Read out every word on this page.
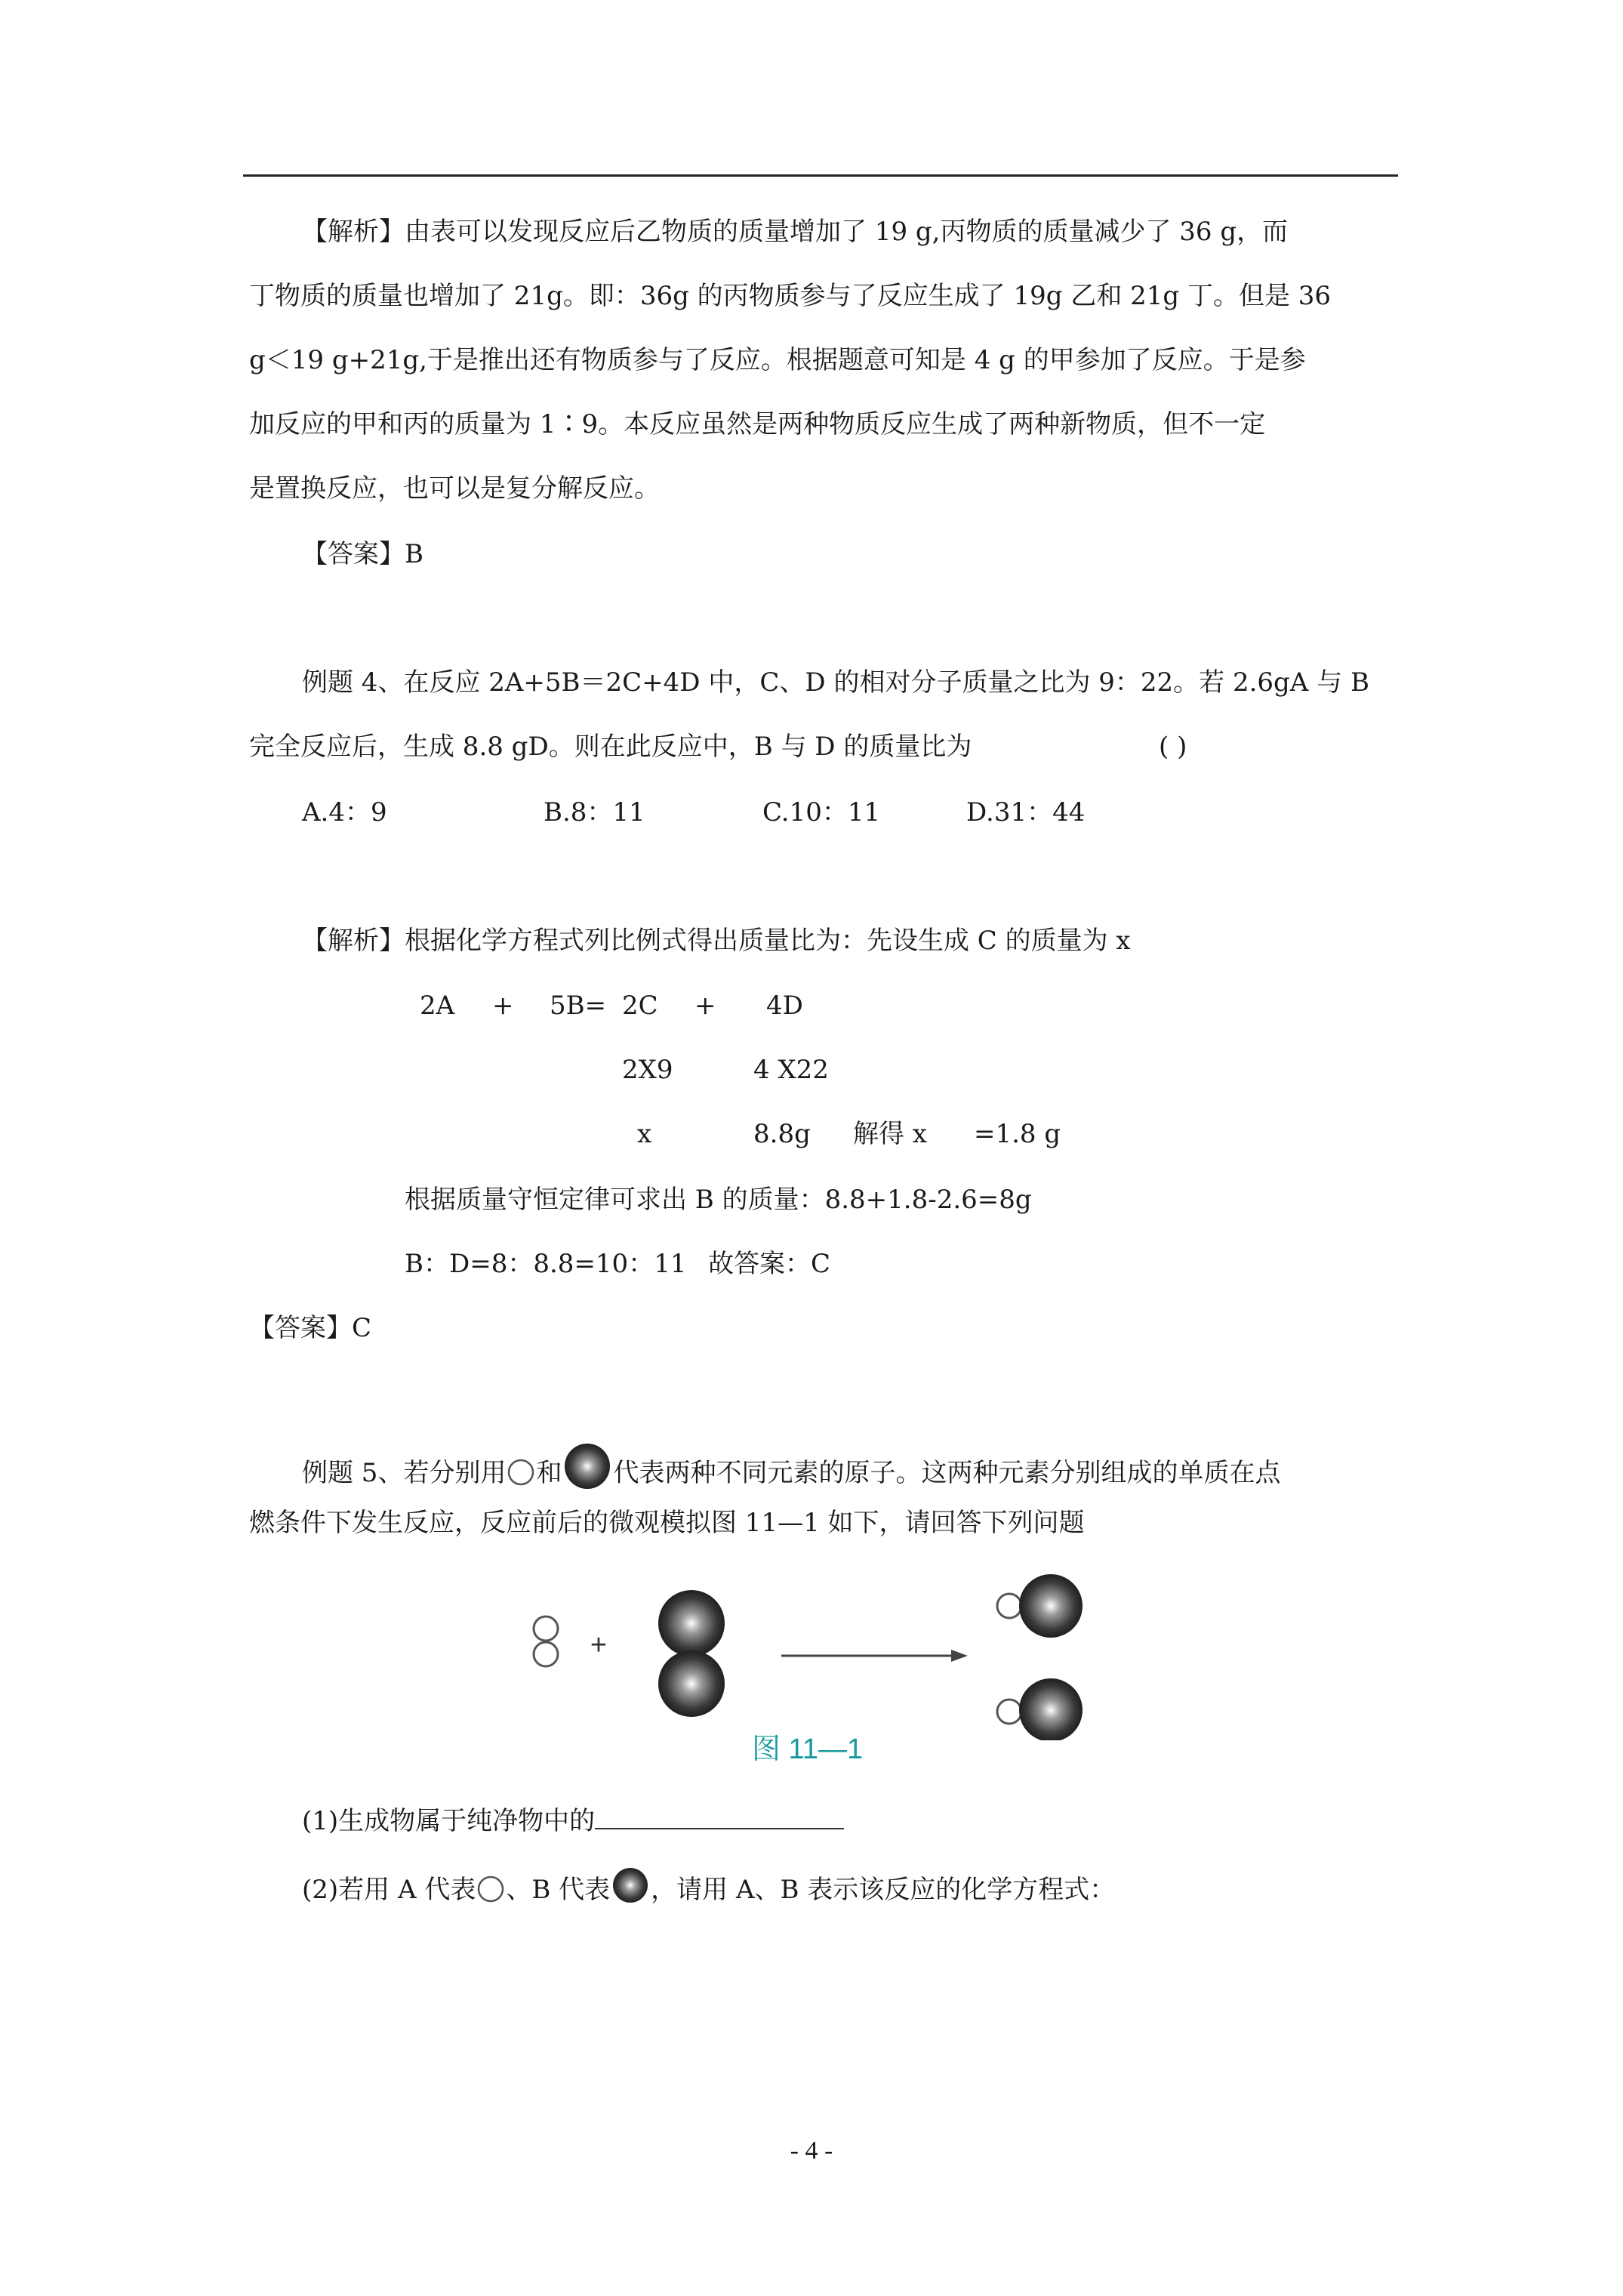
【解析】由表可以发现反应后乙物质的质量增加了 19 g,丙物质的质量减少了 36 g，而
丁物质的质量也增加了 21g。即：36g 的丙物质参与了反应生成了 19g 乙和 21g 丁。但是 36
g＜19 g+21g,于是推出还有物质参与了反应。根据题意可知是 4 g 的甲参加了反应。于是参
加反应的甲和丙的质量为 1∶9。本反应虽然是两种物质反应生成了两种新物质，但不一定
是置换反应，也可以是复分解反应。
【答案】B
例题 4、在反应 2A+5B＝2C+4D 中，C、D 的相对分子质量之比为 9：22。若 2.6gA 与 B
完全反应后，生成 8.8 gD。则在此反应中，B 与 D 的质量比为	( )
A.4：9	B.8：11	C.10：11	D.31：44
【解析】根据化学方程式列比例式得出质量比为：先设生成 C 的质量为 x
2A + 5B= 2C + 4D
2X9	4 X22
x	8.8g 解得 x =1.8 g
根据质量守恒定律可求出 B 的质量：8.8+1.8-2.6=8g
B：D=8：8.8=10：11 故答案：C
【答案】C
例题 5、若分别用 和 代表两种不同元素的原子。这两种元素分别组成的单质在点
燃条件下发生反应，反应前后的微观模拟图 11—1 如下，请回答下列问题
+
图 11—1
(1)生成物属于纯净物中的
(2)若用 A 代表 、B 代表 ，请用 A、B 表示该反应的化学方程式：
- 4 -
